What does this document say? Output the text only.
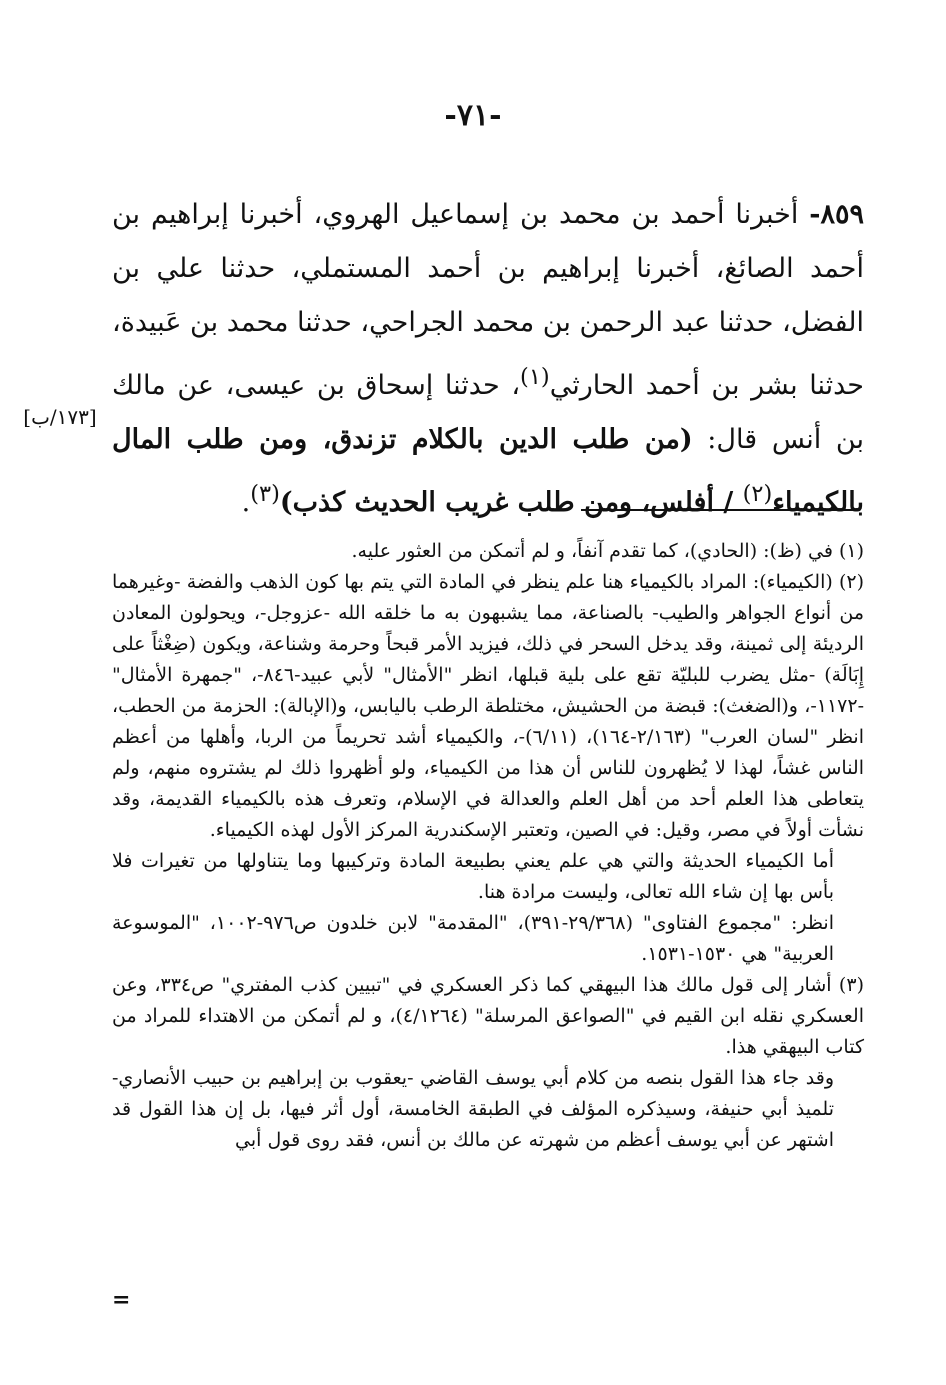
-٧١-
[١٧٣/ب]
٨٥٩- أخبرنا أحمد بن محمد بن إسماعيل الهروي، أخبرنا إبراهيم بن أحمد الصائغ، أخبرنا إبراهيم بن أحمد المستملي، حدثنا علي بن الفضل، حدثنا عبد الرحمن بن محمد الجراحي، حدثنا محمد بن عَبيدة، حدثنا بشر بن أحمد الحارثي$^{(١)}$، حدثنا إسحاق بن عيسى، عن مالك بن أنس قال: (من طلب الدين بالكلام تزندق، ومن طلب المال بالكيمياء$^{(٢)}$ / أفلس، ومن طلب غريب الحديث كذب)$^{(٣)}$.

(١) في (ظ): (الحادي)، كما تقدم آنفاً، و لم أتمكن من العثور عليه.

(٢) (الكيمياء): المراد بالكيمياء هنا علم ينظر في المادة التي يتم بها كون الذهب والفضة -وغيرهما من أنواع الجواهر والطيب- بالصناعة، مما يشبهون به ما خلقه الله -عزوجل-، ويحولون المعادن الرديئة إلى ثمينة، وقد يدخل السحر في ذلك، فيزيد الأمر قبحاً وحرمة وشناعة، ويكون (ضِغْثاً على إِبَالَة) -مثل يضرب للبليّة تقع على بلية قبلها، انظر "الأمثال" لأبي عبيد-٨٤٦-، "جمهرة الأمثال" -١١٧٢-، و(الضغث): قبضة من الحشيش، مختلطة الرطب باليابس، و(الإبالة): الحزمة من الحطب، انظر "لسان العرب" (٢/١٦٣-١٦٤)، (٦/١١)-، والكيمياء أشد تحريماً من الربا، وأهلها من أعظم الناس غشاً، لهذا لا يُظهرون للناس أن هذا من الكيمياء، ولو أظهروا ذلك لم يشتروه منهم، ولم يتعاطى هذا العلم أحد من أهل العلم والعدالة في الإسلام، وتعرف هذه بالكيمياء القديمة، وقد نشأت أولاً في مصر، وقيل: في الصين، وتعتبر الإسكندرية المركز الأول لهذه الكيمياء.

أما الكيمياء الحديثة والتي هي علم يعني بطبيعة المادة وتركيبها وما يتناولها من تغيرات فلا بأس بها إن شاء الله تعالى، وليست مرادة هنا.

انظر: "مجموع الفتاوى" (٢٩/٣٦٨-٣٩١)، "المقدمة" لابن خلدون ص٩٧٦-١٠٠٢، "الموسوعة العربية" هي ١٥٣٠-١٥٣١.

(٣) أشار إلى قول مالك هذا البيهقي كما ذكر العسكري في "تبيين كذب المفتري" ص٣٣٤، وعن العسكري نقله ابن القيم في "الصواعق المرسلة" (٤/١٢٦٤)، و لم أتمكن من الاهتداء للمراد من كتاب البيهقي هذا.

وقد جاء هذا القول بنصه من كلام أبي يوسف القاضي -يعقوب بن إبراهيم بن حبيب الأنصاري- تلميذ أبي حنيفة، وسيذكره المؤلف في الطبقة الخامسة، أول أثر فيها، بل إن هذا القول قد اشتهر عن أبي يوسف أعظم من شهرته عن مالك بن أنس، فقد روى قول أبي

=
